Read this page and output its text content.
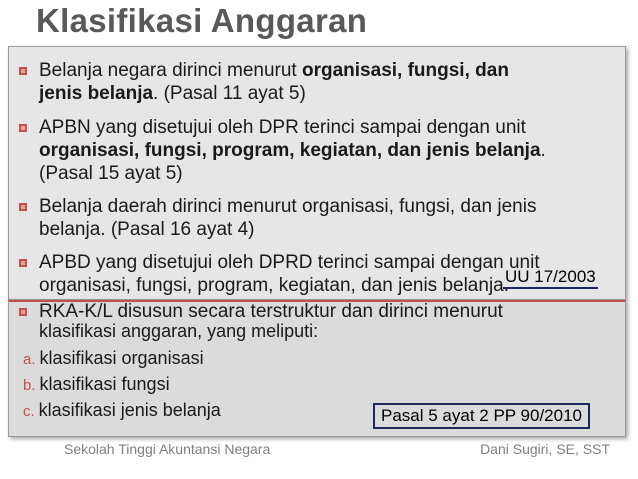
Klasifikasi Anggaran
Belanja negara dirinci menurut organisasi, fungsi, dan
jenis belanja. (Pasal 11 ayat 5)
APBN yang disetujui oleh DPR terinci sampai dengan unit
organisasi, fungsi, program, kegiatan, dan jenis belanja.
(Pasal 15 ayat 5)
Belanja daerah dirinci menurut organisasi, fungsi, dan jenis
belanja. (Pasal 16 ayat 4)
APBD yang disetujui oleh DPRD terinci sampai dengan unit
organisasi, fungsi, program, kegiatan, dan jenis belanja.
UU 17/2003
RKA-K/L disusun secara terstruktur dan dirinci menurut
klasifikasi anggaran, yang meliputi:
a. klasifikasi organisasi
b. klasifikasi fungsi
c. klasifikasi jenis belanja	Pasal 5 ayat 2 PP 90/2010
Sekolah Tinggi Akuntansi Negara	Dani Sugiri, SE, SST
